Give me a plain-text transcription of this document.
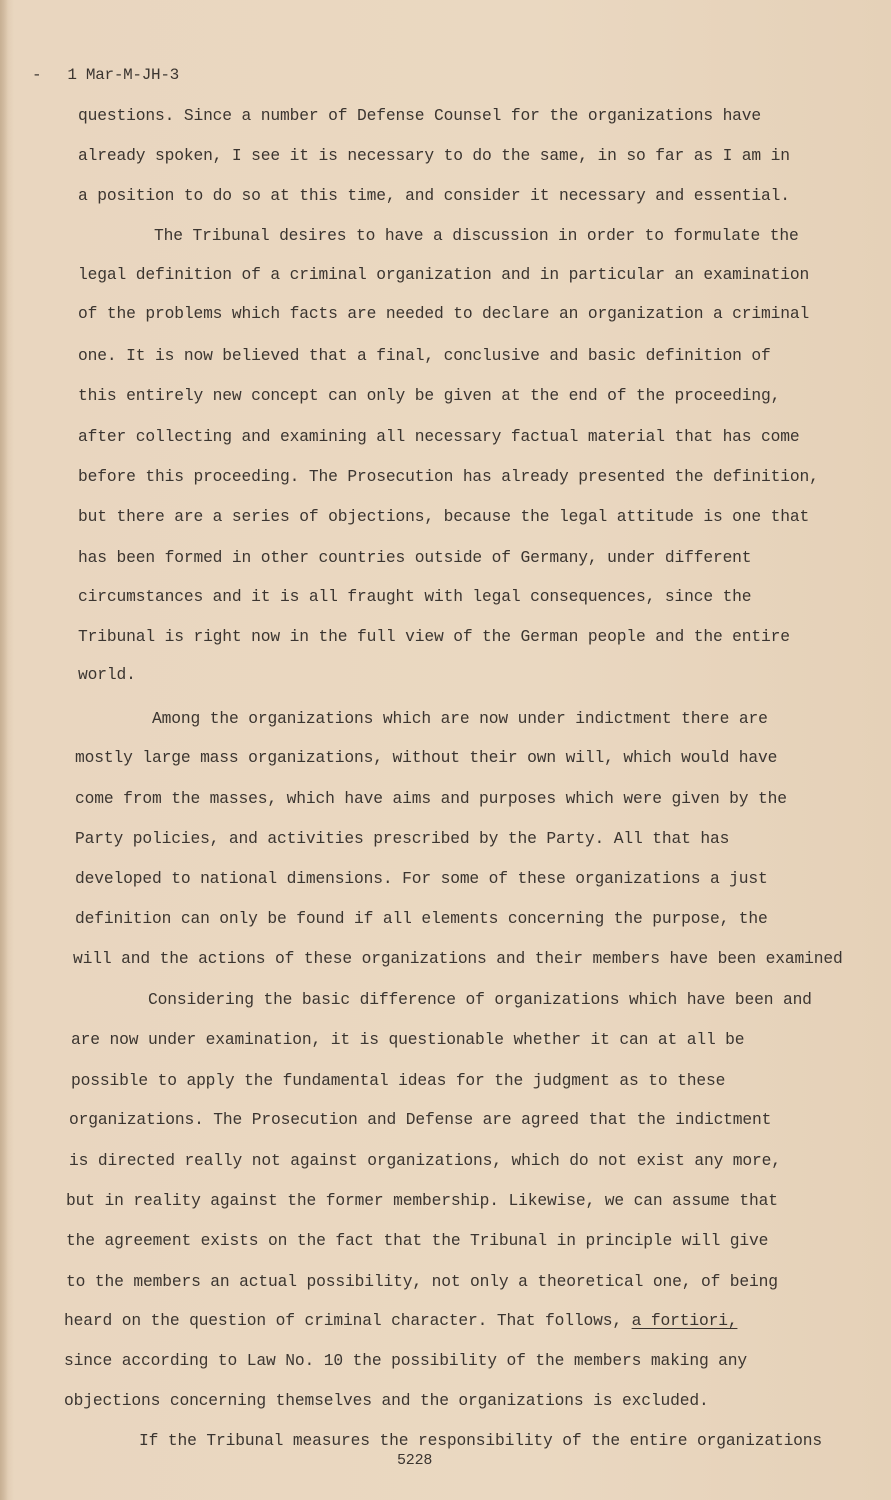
- 1 Mar-M-JH-3
questions. Since a number of Defense Counsel for the organizations have
already spoken, I see it is necessary to do the same, in so far as I am in
a position to do so at this time, and consider it necessary and essential.
The Tribunal desires to have a discussion in order to formulate the
legal definition of a criminal organization and in particular an examination
of the problems which facts are needed to declare an organization a criminal
one. It is now believed that a final, conclusive and basic definition of
this entirely new concept can only be given at the end of the proceeding,
after collecting and examining all necessary factual material that has come
before this proceeding. The Prosecution has already presented the definition,
but there are a series of objections, because the legal attitude is one that
has been formed in other countries outside of Germany, under different
circumstances and it is all fraught with legal consequences, since the
Tribunal is right now in the full view of the German people and the entire
world.
Among the organizations which are now under indictment there are
mostly large mass organizations, without their own will, which would have
come from the masses, which have aims and purposes which were given by the
Party policies, and activities prescribed by the Party. All that has
developed to national dimensions. For some of these organizations a just
definition can only be found if all elements concerning the purpose, the
will and the actions of these organizations and their members have been examined
Considering the basic difference of organizations which have been and
are now under examination, it is questionable whether it can at all be
possible to apply the fundamental ideas for the judgment as to these
organizations. The Prosecution and Defense are agreed that the indictment
is directed really not against organizations, which do not exist any more,
but in reality against the former membership. Likewise, we can assume that
the agreement exists on the fact that the Tribunal in principle will give
to the members an actual possibility, not only a theoretical one, of being
heard on the question of criminal character. That follows, a fortiori,
since according to Law No. 10 the possibility of the members making any
objections concerning themselves and the organizations is excluded.
If the Tribunal measures the responsibility of the entire organizations
5228
